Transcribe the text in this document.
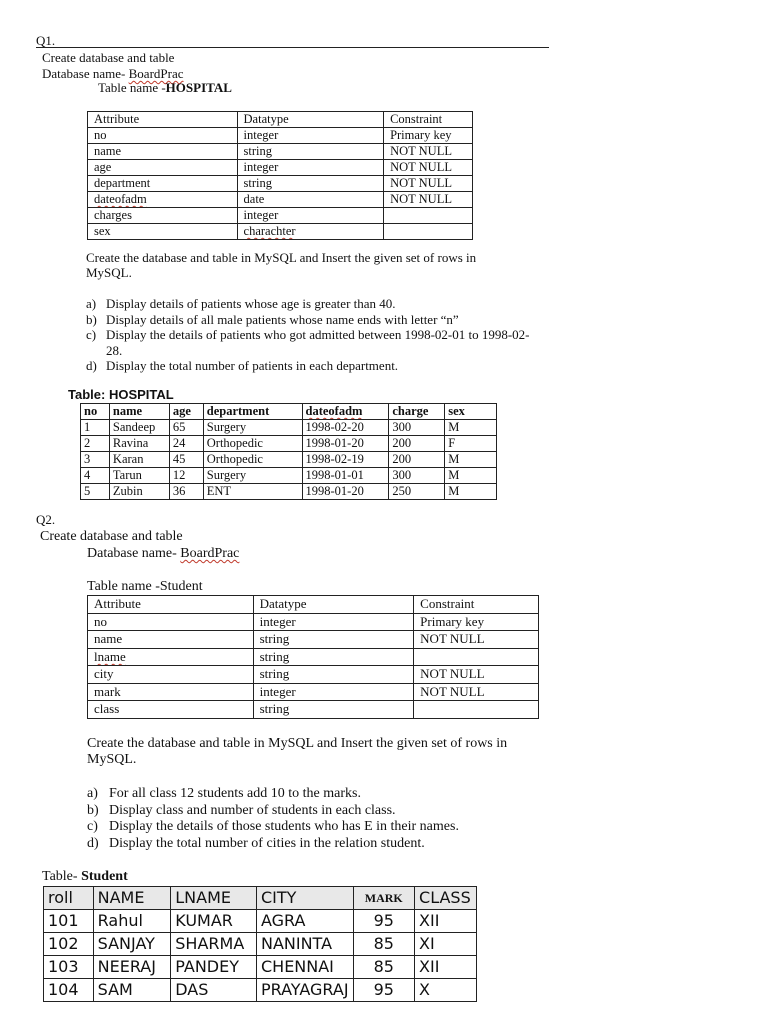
Q1.
Create database and table
Database name- BoardPrac
Table name -HOSPITAL
Attribute	Datatype	Constraint
no	integer	Primary key
name	string	NOT NULL
age	integer	NOT NULL
department	string	NOT NULL
dateofadm	date	NOT NULL
charges	integer	
sex	charachter	
Create the database and table in MySQL and Insert the given set of rows in
MySQL.
a) Display details of patients whose age is greater than 40.
b) Display details of all male patients whose name ends with letter “n”
c) Display the details of patients who got admitted between 1998-02-01 to 1998-02-
28.
d) Display the total number of patients in each department.
Table: HOSPITAL
no	name	age	department	dateofadm	charge	sex
1	Sandeep	65	Surgery	1998-02-20	300	M
2	Ravina	24	Orthopedic	1998-01-20	200	F
3	Karan	45	Orthopedic	1998-02-19	200	M
4	Tarun	12	Surgery	1998-01-01	300	M
5	Zubin	36	ENT	1998-01-20	250	M
Q2.
Create database and table
Database name- BoardPrac
Table name -Student
Attribute	Datatype	Constraint
no	integer	Primary key
name	string	NOT NULL
lname	string	
city	string	NOT NULL
mark	integer	NOT NULL
class	string	
Create the database and table in MySQL and Insert the given set of rows in
MySQL.
a) For all class 12 students add 10 to the marks.
b) Display class and number of students in each class.
c) Display the details of those students who has E in their names.
d) Display the total number of cities in the relation student.
Table- Student
roll	NAME	LNAME	CITY	MARK	CLASS
101	Rahul	KUMAR	AGRA	95	XII
102	SANJAY	SHARMA	NANINTA	85	XI
103	NEERAJ	PANDEY	CHENNAI	85	XII
104	SAM	DAS	PRAYAGRAJ	95	X
